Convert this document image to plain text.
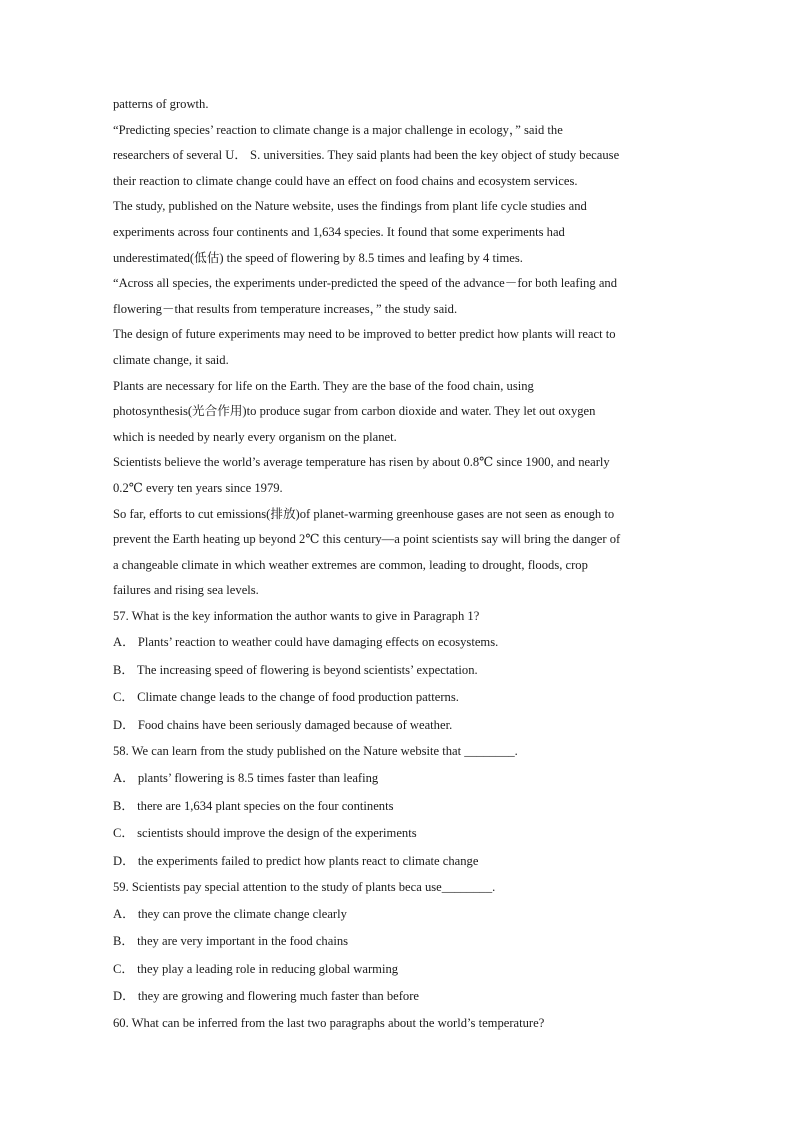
patterns of growth.
“Predicting species’ reaction to climate change is a major challenge in ecology，” said the
researchers of several U． S. universities. They said plants had been the key object of study because
their reaction to climate change could have an effect on food chains and ecosystem services.
The study, published on the Nature website, uses the findings from plant life cycle studies and
experiments across four continents and 1,634 species. It found that some experiments had
underestimated(低估) the speed of flowering by 8.5 times and leafing by 4 times.
“Across all species, the experiments under-predicted the speed of the advance－for both leafing and
flowering－that results from temperature increases，” the study said.
The design of future experiments may need to be improved to better predict how plants will react to
climate change, it said.
Plants are necessary for life on the Earth. They are the base of the food chain, using
photosynthesis(光合作用)to produce sugar from carbon dioxide and water. They let out oxygen
which is needed by nearly every organism on the planet.
Scientists believe the world’s average temperature has risen by about 0.8℃ since 1900, and nearly
0.2℃ every ten years since 1979.
So far, efforts to cut emissions(排放)of planet-warming greenhouse gases are not seen as enough to
prevent the Earth heating up beyond 2℃ this century—a point scientists say will bring the danger of
a changeable climate in which weather extremes are common, leading to drought, floods, crop
failures and rising sea levels.
57. What is the key information the author wants to give in Paragraph 1?
A． Plants’ reaction to weather could have damaging effects on ecosystems.
B． The increasing speed of flowering is beyond scientists’ expectation.
C． Climate change leads to the change of food production patterns.
D． Food chains have been seriously damaged because of weather.
58. We can learn from the study published on the Nature website that ________.
A． plants’ flowering is 8.5 times faster than leafing
B． there are 1,634 plant species on the four continents
C． scientists should improve the design of the experiments
D． the experiments failed to predict how plants react to climate change
59. Scientists pay special attention to the study of plants beca use________.
A． they can prove the climate change clearly
B． they are very important in the food chains
C． they play a leading role in reducing global warming
D． they are growing and flowering much faster than before
60. What can be inferred from the last two paragraphs about the world’s temperature?
